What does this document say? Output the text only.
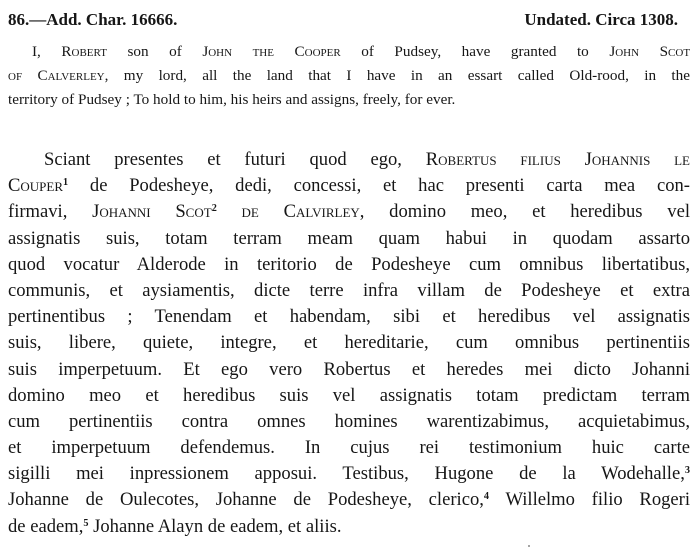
86.—Add. Char. 16666.	Undated. Circa 1308.
I, Robert son of John the Cooper of Pudsey, have granted to John Scot
of Calverley, my lord, all the land that I have in an essart called Old-rood, in the
territory of Pudsey ; To hold to him, his heirs and assigns, freely, for ever.
Sciant presentes et futuri quod ego, Robertus filius Johannis le
Couper$^1$ de Podesheye, dedi, concessi, et hac presenti carta mea con-
firmavi, Johanni Scot$^2$ de Calvirley, domino meo, et heredibus vel
assignatis suis, totam terram meam quam habui in quodam assarto
quod vocatur Alderode in teritorio de Podesheye cum omnibus libertatibus,
communis, et aysiamentis, dicte terre infra villam de Podesheye et extra
pertinentibus ; Tenendam et habendam, sibi et heredibus vel assignatis
suis, libere, quiete, integre, et hereditarie, cum omnibus pertinentiis
suis imperpetuum. Et ego vero Robertus et heredes mei dicto Johanni
domino meo et heredibus suis vel assignatis totam predictam terram
cum pertinentiis contra omnes homines warentizabimus, acquietabimus,
et imperpetuum defendemus. In cujus rei testimonium huic carte
sigilli mei inpressionem apposui. Testibus, Hugone de la Wodehalle,$^3$
Johanne de Oulecotes, Johanne de Podesheye, clerico,$^4$ Willelmo filio Rogeri
de eadem,$^5$ Johanne Alayn de eadem, et aliis.
